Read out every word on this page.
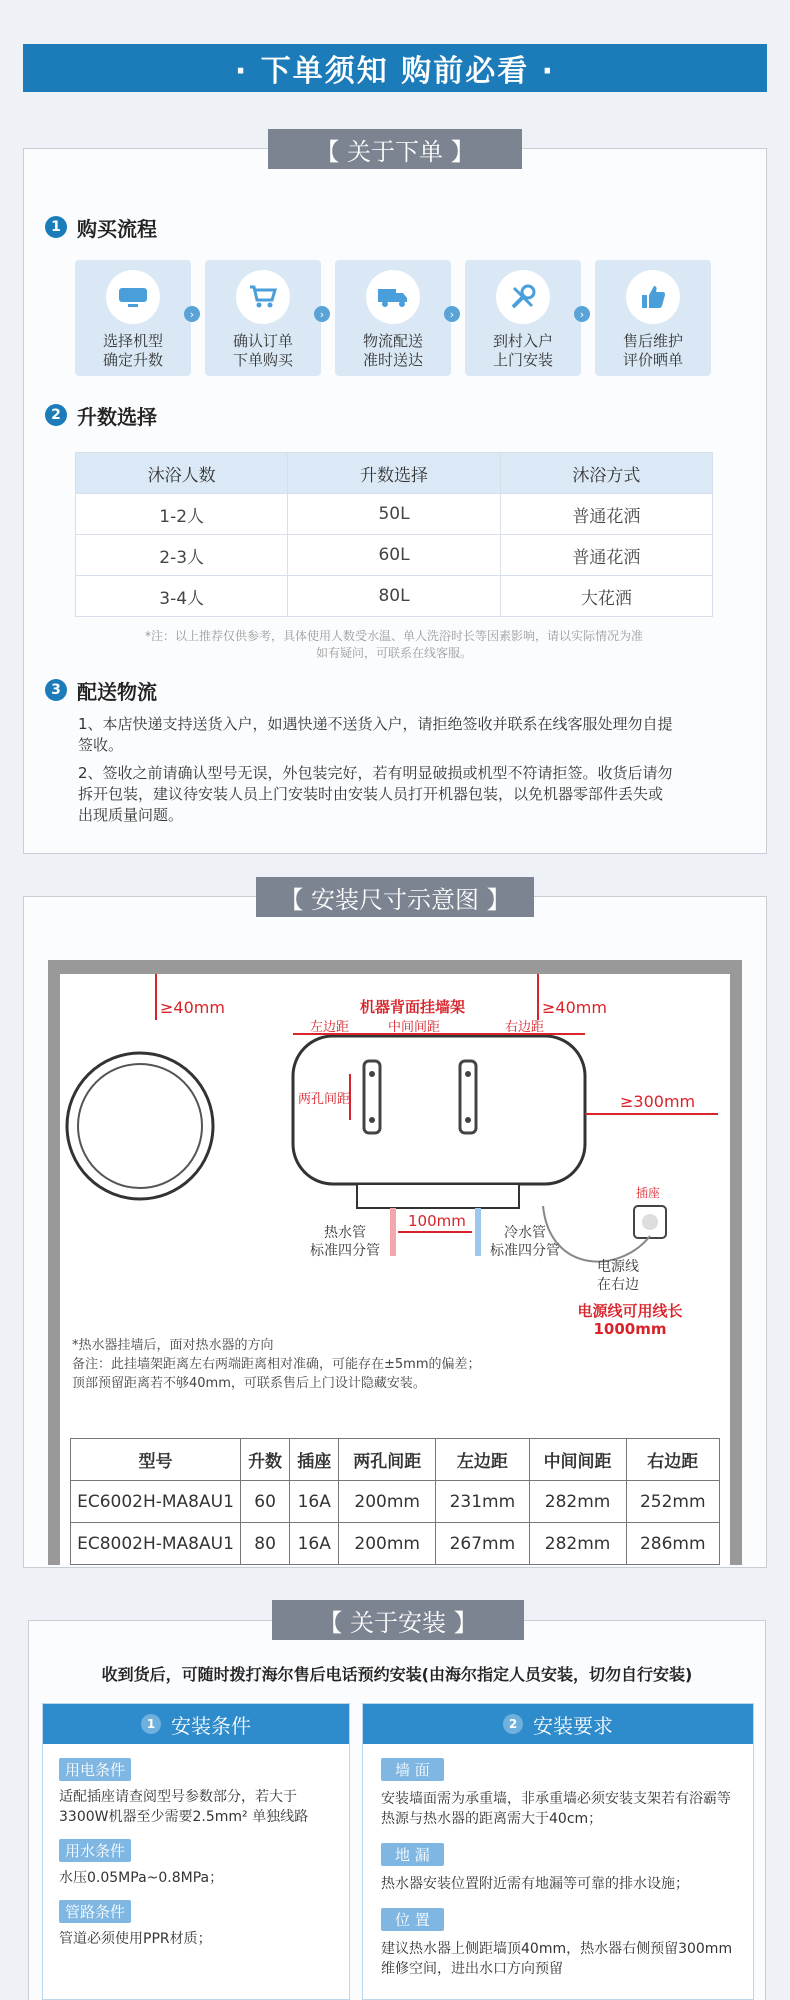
· 下单须知 购前必看 ·
【 关于下单 】
1 购买流程
选择机型
确定升数
›
确认订单
下单购买
›
物流配送
准时送达
›
到村入户
上门安装
›
售后维护
评价晒单
2 升数选择
沐浴人数	升数选择	沐浴方式
1-2人	50L	普通花洒
2-3人	60L	普通花洒
3-4人	80L	大花洒
*注：以上推荐仅供参考，具体使用人数受水温、单人洗浴时长等因素影响，请以实际情况为准
如有疑问，可联系在线客服。
3 配送物流
1、本店快递支持送货入户，如遇快递不送货入户，请拒绝签收并联系在线客服处理勿自提签收。
2、签收之前请确认型号无误，外包装完好，若有明显破损或机型不符请拒签。收货后请勿拆开包装，建议待安装人员上门安装时由安装人员打开机器包装，以免机器零部件丢失或出现质量问题。
【 安装尺寸示意图 】
≥40mm	≥40mm
机器背面挂墙架
左边距	中间间距	右边距
两孔间距	≥300mm
热水管
标准四分管
100mm
冷水管
标准四分管
插座
电源线
在右边
电源线可用线长
1000mm
*热水器挂墙后，面对热水器的方向
备注：此挂墙架距离左右两端距离相对准确，可能存在±5mm的偏差；
顶部预留距离若不够40mm，可联系售后上门设计隐藏安装。
型号	升数	插座	两孔间距	左边距	中间间距	右边距
EC6002H-MA8AU1	60	16A	200mm	231mm	282mm	252mm
EC8002H-MA8AU1	80	16A	200mm	267mm	282mm	286mm
【 关于安装 】
收到货后，可随时拨打海尔售后电话预约安装(由海尔指定人员安装，切勿自行安装)
1 安装条件
用电条件
适配插座请查阅型号参数部分，若大于3300W机器至少需要2.5mm² 单独线路
用水条件
水压0.05MPa~0.8MPa；
管路条件
管道必须使用PPR材质；
2 安装要求
墙 面
安装墙面需为承重墙，非承重墙必须安装支架若有浴霸等热源与热水器的距离需大于40cm；
地 漏
热水器安装位置附近需有地漏等可靠的排水设施；
位 置
建议热水器上侧距墙顶40mm，热水器右侧预留300mm维修空间，进出水口方向预留
